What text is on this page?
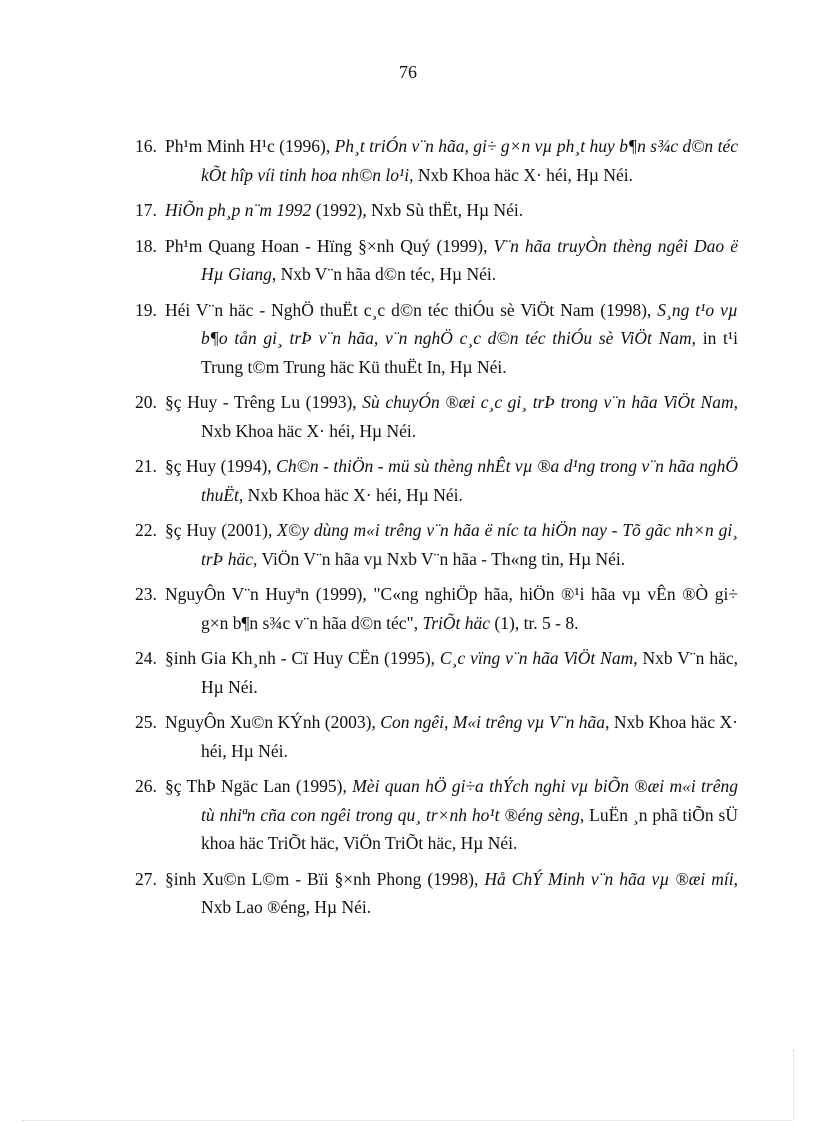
76
16. Ph¹m Minh H¹c (1996), Ph¸t triÓn v¨n hãa, gi÷ g×n vµ ph¸t huy b¶n s¾c d©n téc kÕt hîp víi tinh hoa nh©n lo¹i, Nxb Khoa häc X· héi, Hµ Néi.
17. HiÕn ph¸p n¨m 1992 (1992), Nxb Sù thËt, Hµ Néi.
18. Ph¹m Quang Hoan - Hïng §×nh Quý (1999), V¨n hãa truyÒn thèng ngêi Dao ë Hµ Giang, Nxb V¨n hãa d©n téc, Hµ Néi.
19. Héi V¨n häc - NghÖ thuËt c¸c d©n téc thiÓu sè ViÖt Nam (1998), S¸ng t¹o vµ b¶o tån gi¸ trÞ v¨n hãa, v¨n nghÖ c¸c d©n téc thiÓu sè ViÖt Nam, in t¹i Trung t©m Trung häc Kü thuËt In, Hµ Néi.
20. §ç Huy - Trêng Lu (1993), Sù chuyÓn ®æi c¸c gi¸ trÞ trong v¨n hãa ViÖt Nam, Nxb Khoa häc X· héi, Hµ Néi.
21. §ç Huy (1994), Ch©n - thiÖn - mü sù thèng nhÊt vµ ®a d¹ng trong v¨n hãa nghÖ thuËt, Nxb Khoa häc X· héi, Hµ Néi.
22. §ç Huy (2001), X©y dùng m«i trêng v¨n hãa ë níc ta hiÖn nay - Tõ gãc nh×n gi¸ trÞ häc, ViÖn V¨n hãa vµ Nxb V¨n hãa - Th«ng tin, Hµ Néi.
23. NguyÔn V¨n Huyªn (1999), "C«ng nghiÖp hãa, hiÖn ®¹i hãa vµ vÊn ®Ò gi÷ g×n b¶n s¾c v¨n hãa d©n téc", TriÕt häc (1), tr. 5 - 8.
24. §inh Gia Kh¸nh - Cï Huy CËn (1995), C¸c vïng v¨n hãa ViÖt Nam, Nxb V¨n häc, Hµ Néi.
25. NguyÔn Xu©n KÝnh (2003), Con ngêi, M«i trêng vµ V¨n hãa, Nxb Khoa häc X· héi, Hµ Néi.
26. §ç ThÞ Ngäc Lan (1995), Mèi quan hÖ gi÷a thÝch nghi vµ biÕn ®æi m«i trêng tù nhiªn cña con ngêi trong qu¸ tr×nh ho¹t ®éng sèng, LuËn ¸n phã tiÕn sÜ khoa häc TriÕt häc, ViÖn TriÕt häc, Hµ Néi.
27. §inh Xu©n L©m - Bïi §×nh Phong (1998), Hå ChÝ Minh v¨n hãa vµ ®æi míi, Nxb Lao ®éng, Hµ Néi.
